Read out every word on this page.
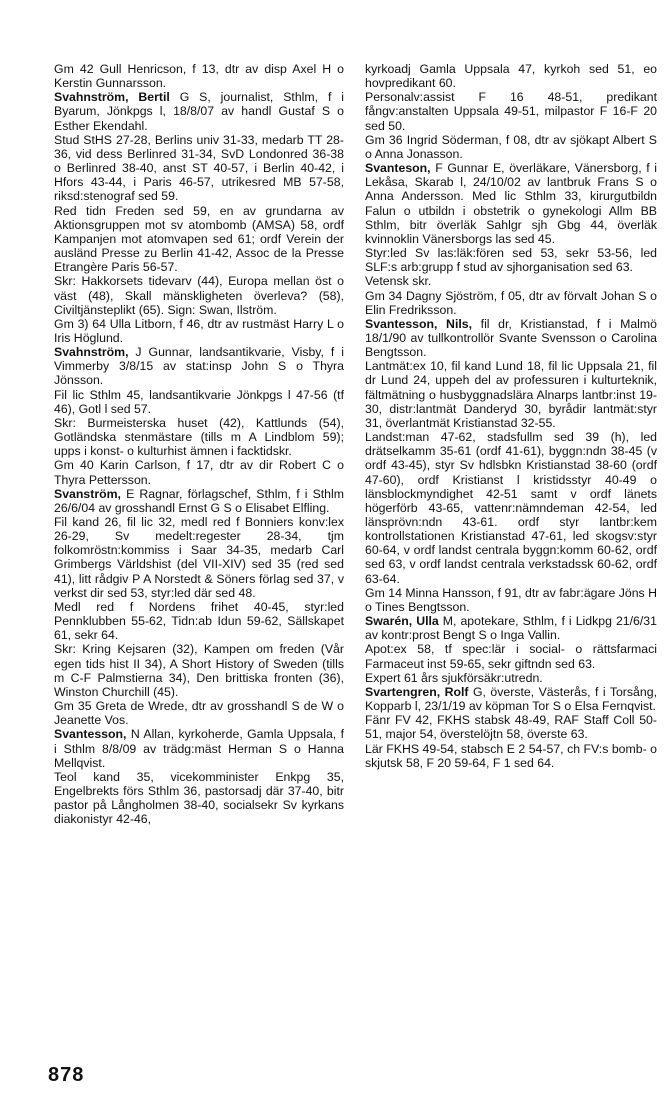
Gm 42 Gull Henricson, f 13, dtr av disp Axel H o Kerstin Gunnarsson.

Svahnström, Bertil G S, journalist, Sthlm, f i Byarum, Jönkpgs l, 18/8/07 av handl Gustaf S o Esther Ekendahl.

Stud StHS 27-28, Berlins univ 31-33, medarb TT 28-36, vid dess Berlinred 31-34, SvD Londonred 36-38 o Berlinred 38-40, anst ST 40-57, i Berlin 40-42, i Hfors 43-44, i Paris 46-57, utrikesred MB 57-58, riksd:stenograf sed 59.

Red tidn Freden sed 59, en av grundarna av Aktionsgruppen mot sv atombomb (AMSA) 58, ordf Kampanjen mot atomvapen sed 61; ordf Verein der ausländ Presse zu Berlin 41-42, Assoc de la Presse Etrangère Paris 56-57.

Skr: Hakkorsets tidevarv (44), Europa mellan öst o väst (48), Skall mänskligheten överleva? (58), Civiltjänsteplikt (65). Sign: Swan, Ilström.

Gm 3) 64 Ulla Litborn, f 46, dtr av rustmäst Harry L o Iris Höglund.

Svahnström, J Gunnar, landsantikvarie, Visby, f i Vimmerby 3/8/15 av stat:insp John S o Thyra Jönsson.

Fil lic Sthlm 45, landsantikvarie Jönkpgs l 47-56 (tf 46), Gotl l sed 57.

Skr: Burmeisterska huset (42), Kattlunds (54), Gotländska stenmästare (tills m A Lindblom 59); upps i konst- o kulturhist ämnen i facktidskr.

Gm 40 Karin Carlson, f 17, dtr av dir Robert C o Thyra Pettersson.

Svanström, E Ragnar, förlagschef, Sthlm, f i Sthlm 26/6/04 av grosshandl Ernst G S o Elisabet Elfling.

Fil kand 26, fil lic 32, medl red f Bonniers konv:lex 26-29, Sv medelt:regester 28-34, tjm folkomröstn:kommiss i Saar 34-35, medarb Carl Grimbergs Världshist (del VII-XIV) sed 35 (red sed 41), litt rådgiv P A Norstedt & Söners förlag sed 37, v verkst dir sed 53, styr:led där sed 48.

Medl red f Nordens frihet 40-45, styr:led Pennklubben 55-62, Tidn:ab Idun 59-62, Sällskapet 61, sekr 64.

Skr: Kring Kejsaren (32), Kampen om freden (Vår egen tids hist II 34), A Short History of Sweden (tills m C-F Palmstierna 34), Den brittiska fronten (36), Winston Churchill (45).

Gm 35 Greta de Wrede, dtr av grosshandl S de W o Jeanette Vos.

Svantesson, N Allan, kyrkoherde, Gamla Uppsala, f i Sthlm 8/8/09 av trädg:mäst Herman S o Hanna Mellqvist.

Teol kand 35, vicekomminister Enkpg 35, Engelbrekts förs Sthlm 36, pastorsadj där 37-40, bitr pastor på Långholmen 38-40, socialsekr Sv kyrkans diakonistyr 42-46,

kyrkoadj Gamla Uppsala 47, kyrkoh sed 51, eo hovpredikant 60.

Personalv:assist F 16 48-51, predikant fångv:anstalten Uppsala 49-51, milpastor F 16-F 20 sed 50.

Gm 36 Ingrid Söderman, f 08, dtr av sjökapt Albert S o Anna Jonasson.

Svanteson, F Gunnar E, överläkare, Vänersborg, f i Lekåsa, Skarab l, 24/10/02 av lantbruk Frans S o Anna Andersson. Med lic Sthlm 33, kirurgutbildn Falun o utbildn i obstetrik o gynekologi Allm BB Sthlm, bitr överläk Sahlgr sjh Gbg 44, överläk kvinnoklin Vänersborgs las sed 45.

Styr:led Sv las:läk:fören sed 53, sekr 53-56, led SLF:s arb:grupp f stud av sjhorganisation sed 63.

Vetensk skr.

Gm 34 Dagny Sjöström, f 05, dtr av förvalt Johan S o Elin Fredriksson.

Svantesson, Nils, fil dr, Kristianstad, f i Malmö 18/1/90 av tullkontrollör Svante Svensson o Carolina Bengtsson.

Lantmät:ex 10, fil kand Lund 18, fil lic Uppsala 21, fil dr Lund 24, uppeh del av professuren i kulturteknik, fältmätning o husbyggnadslära Alnarps lantbr:inst 19-30, distr:lantmät Danderyd 30, byrådir lantmät:styr 31, överlantmät Kristianstad 32-55.

Landst:man 47-62, stadsfullm sed 39 (h), led drätselkamm 35-61 (ordf 41-61), byggn:ndn 38-45 (v ordf 43-45), styr Sv hdlsbkn Kristianstad 38-60 (ordf 47-60), ordf Kristianst l kristidsstyr 40-49 o länsblockmyndighet 42-51 samt v ordf länets högerförb 43-65, vattenr:nämndeman 42-54, led länsprövn:ndn 43-61. ordf styr lantbr:kem kontrollstationen Kristianstad 47-61, led skogsv:styr 60-64, v ordf landst centrala byggn:komm 60-62, ordf sed 63, v ordf landst centrala verkstadssk 60-62, ordf 63-64.

Gm 14 Minna Hansson, f 91, dtr av fabr:ägare Jöns H o Tines Bengtsson.

Swarén, Ulla M, apotekare, Sthlm, f i Lidkpg 21/6/31 av kontr:prost Bengt S o Inga Vallin.

Apot:ex 58, tf spec:lär i social- o rättsfarmaci Farmaceut inst 59-65, sekr giftndn sed 63.

Expert 61 års sjukförsäkr:utredn.

Svartengren, Rolf G, överste, Västerås, f i Torsång, Kopparb l, 23/1/19 av köpman Tor S o Elsa Fernqvist.

Fänr FV 42, FKHS stabsk 48-49, RAF Staff Coll 50-51, major 54, överstelöjtn 58, överste 63.

Lär FKHS 49-54, stabsch E 2 54-57, ch FV:s bomb- o skjutsk 58, F 20 59-64, F 1 sed 64.

878
